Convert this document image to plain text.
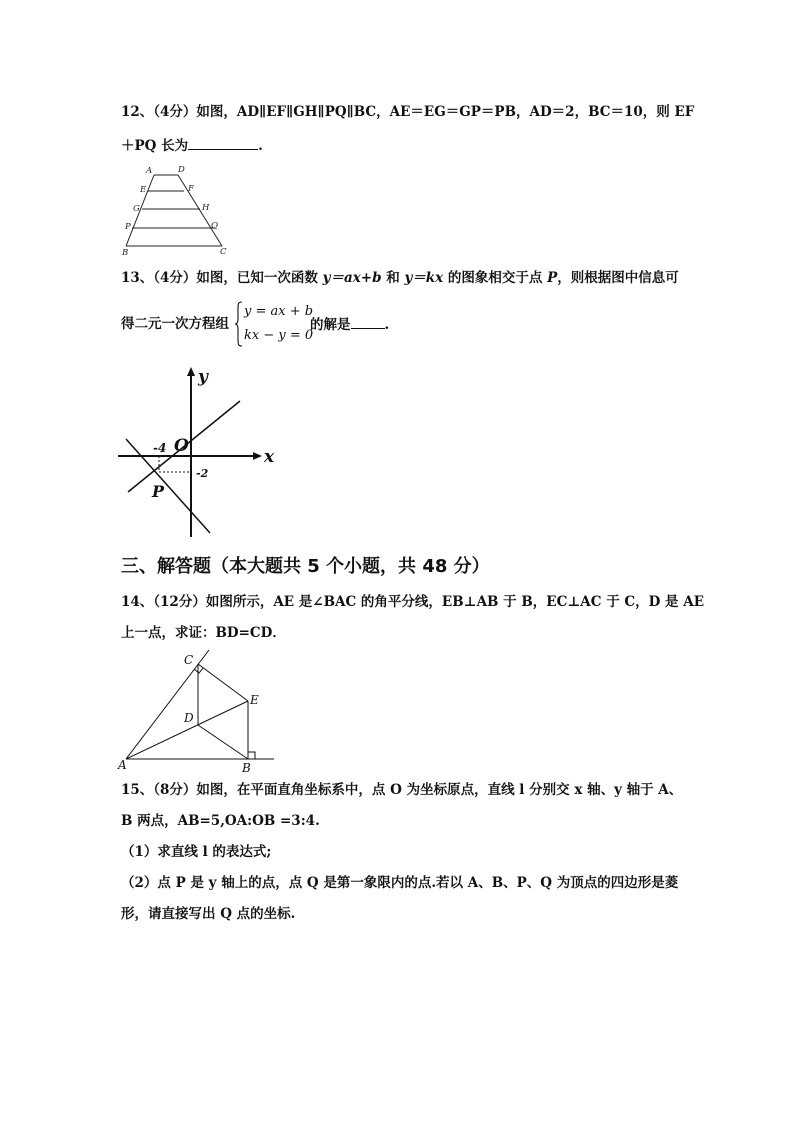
12、（4分）如图，AD∥EF∥GH∥PQ∥BC，AE＝EG＝GP＝PB，AD＝2，BC＝10，则 EF
＋PQ 长为	.
A	D
E	F
G	H
P	Q
B	C
13、（4分）如图，已知一次函数 y＝ax+b 和 y＝kx 的图象相交于点 P，则根据图中信息可
得二元一次方程组
y = ax + b
kx − y = 0
的解是	.
y
x
O
P
-4
-2
三、解答题（本大题共 5 个小题，共 48 分）
14、（12分）如图所示，AE 是∠BAC 的角平分线，EB⊥AB 于 B，EC⊥AC 于 C，D 是 AE
上一点，求证：BD=CD．
A	B
C
D
E
15、（8分）如图，在平面直角坐标系中，点 O 为坐标原点，直线 l 分别交 x 轴、y 轴于 A、
B 两点，AB=5,OA:OB =3:4.
（1）求直线 l 的表达式;
（2）点 P 是 y 轴上的点，点 Q 是第一象限内的点.若以 A、B、P、Q 为顶点的四边形是菱
形，请直接写出 Q 点的坐标.
